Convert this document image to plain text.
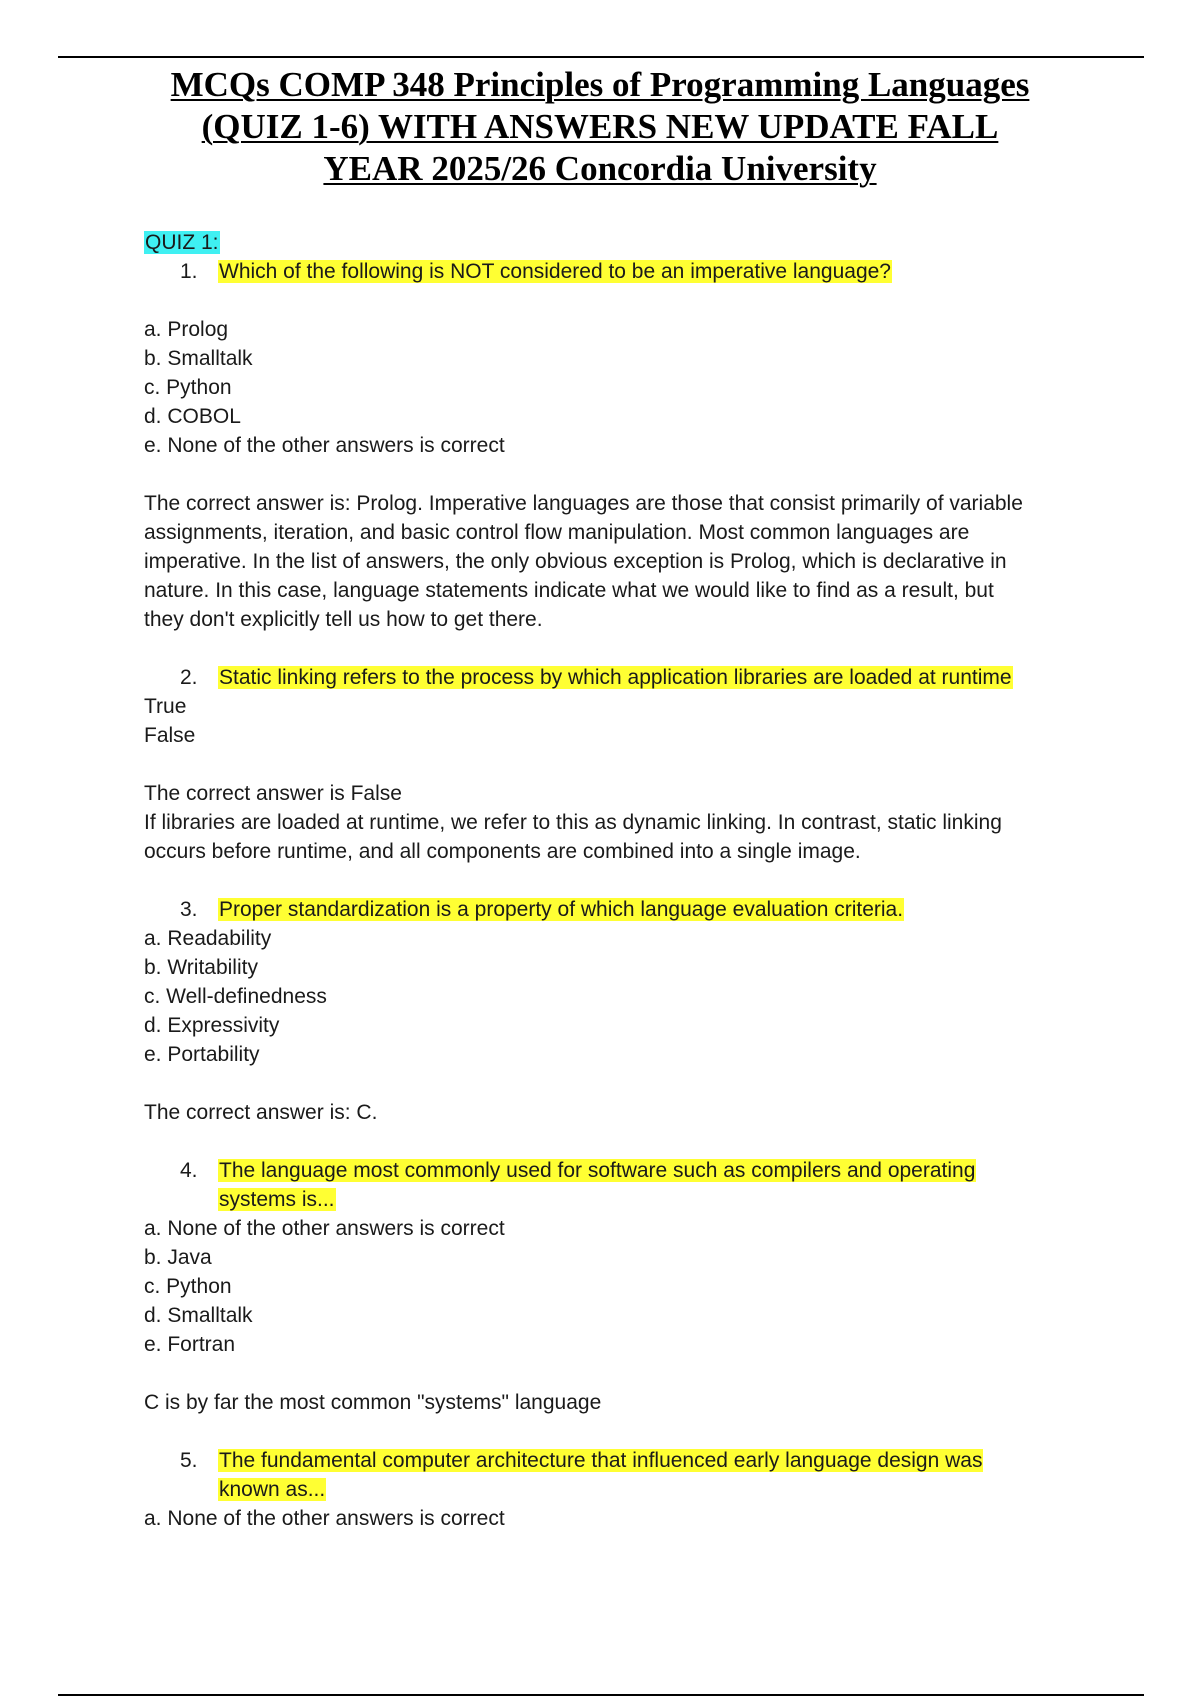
MCQs COMP 348 Principles of Programming Languages
(QUIZ 1-6) WITH ANSWERS NEW UPDATE FALL
YEAR 2025/26 Concordia University
QUIZ 1:
1. Which of the following is NOT considered to be an imperative language?
a. Prolog
b. Smalltalk
c. Python
d. COBOL
e. None of the other answers is correct
The correct answer is: Prolog. Imperative languages are those that consist primarily of variable
assignments, iteration, and basic control flow manipulation. Most common languages are
imperative. In the list of answers, the only obvious exception is Prolog, which is declarative in
nature. In this case, language statements indicate what we would like to find as a result, but
they don't explicitly tell us how to get there.
2. Static linking refers to the process by which application libraries are loaded at runtime
True
False
The correct answer is False
If libraries are loaded at runtime, we refer to this as dynamic linking. In contrast, static linking
occurs before runtime, and all components are combined into a single image.
3. Proper standardization is a property of which language evaluation criteria.
a. Readability
b. Writability
c. Well-definedness
d. Expressivity
e. Portability
The correct answer is: C.
4. The language most commonly used for software such as compilers and operating
systems is...
a. None of the other answers is correct
b. Java
c. Python
d. Smalltalk
e. Fortran
C is by far the most common "systems" language
5. The fundamental computer architecture that influenced early language design was
known as...
a. None of the other answers is correct
